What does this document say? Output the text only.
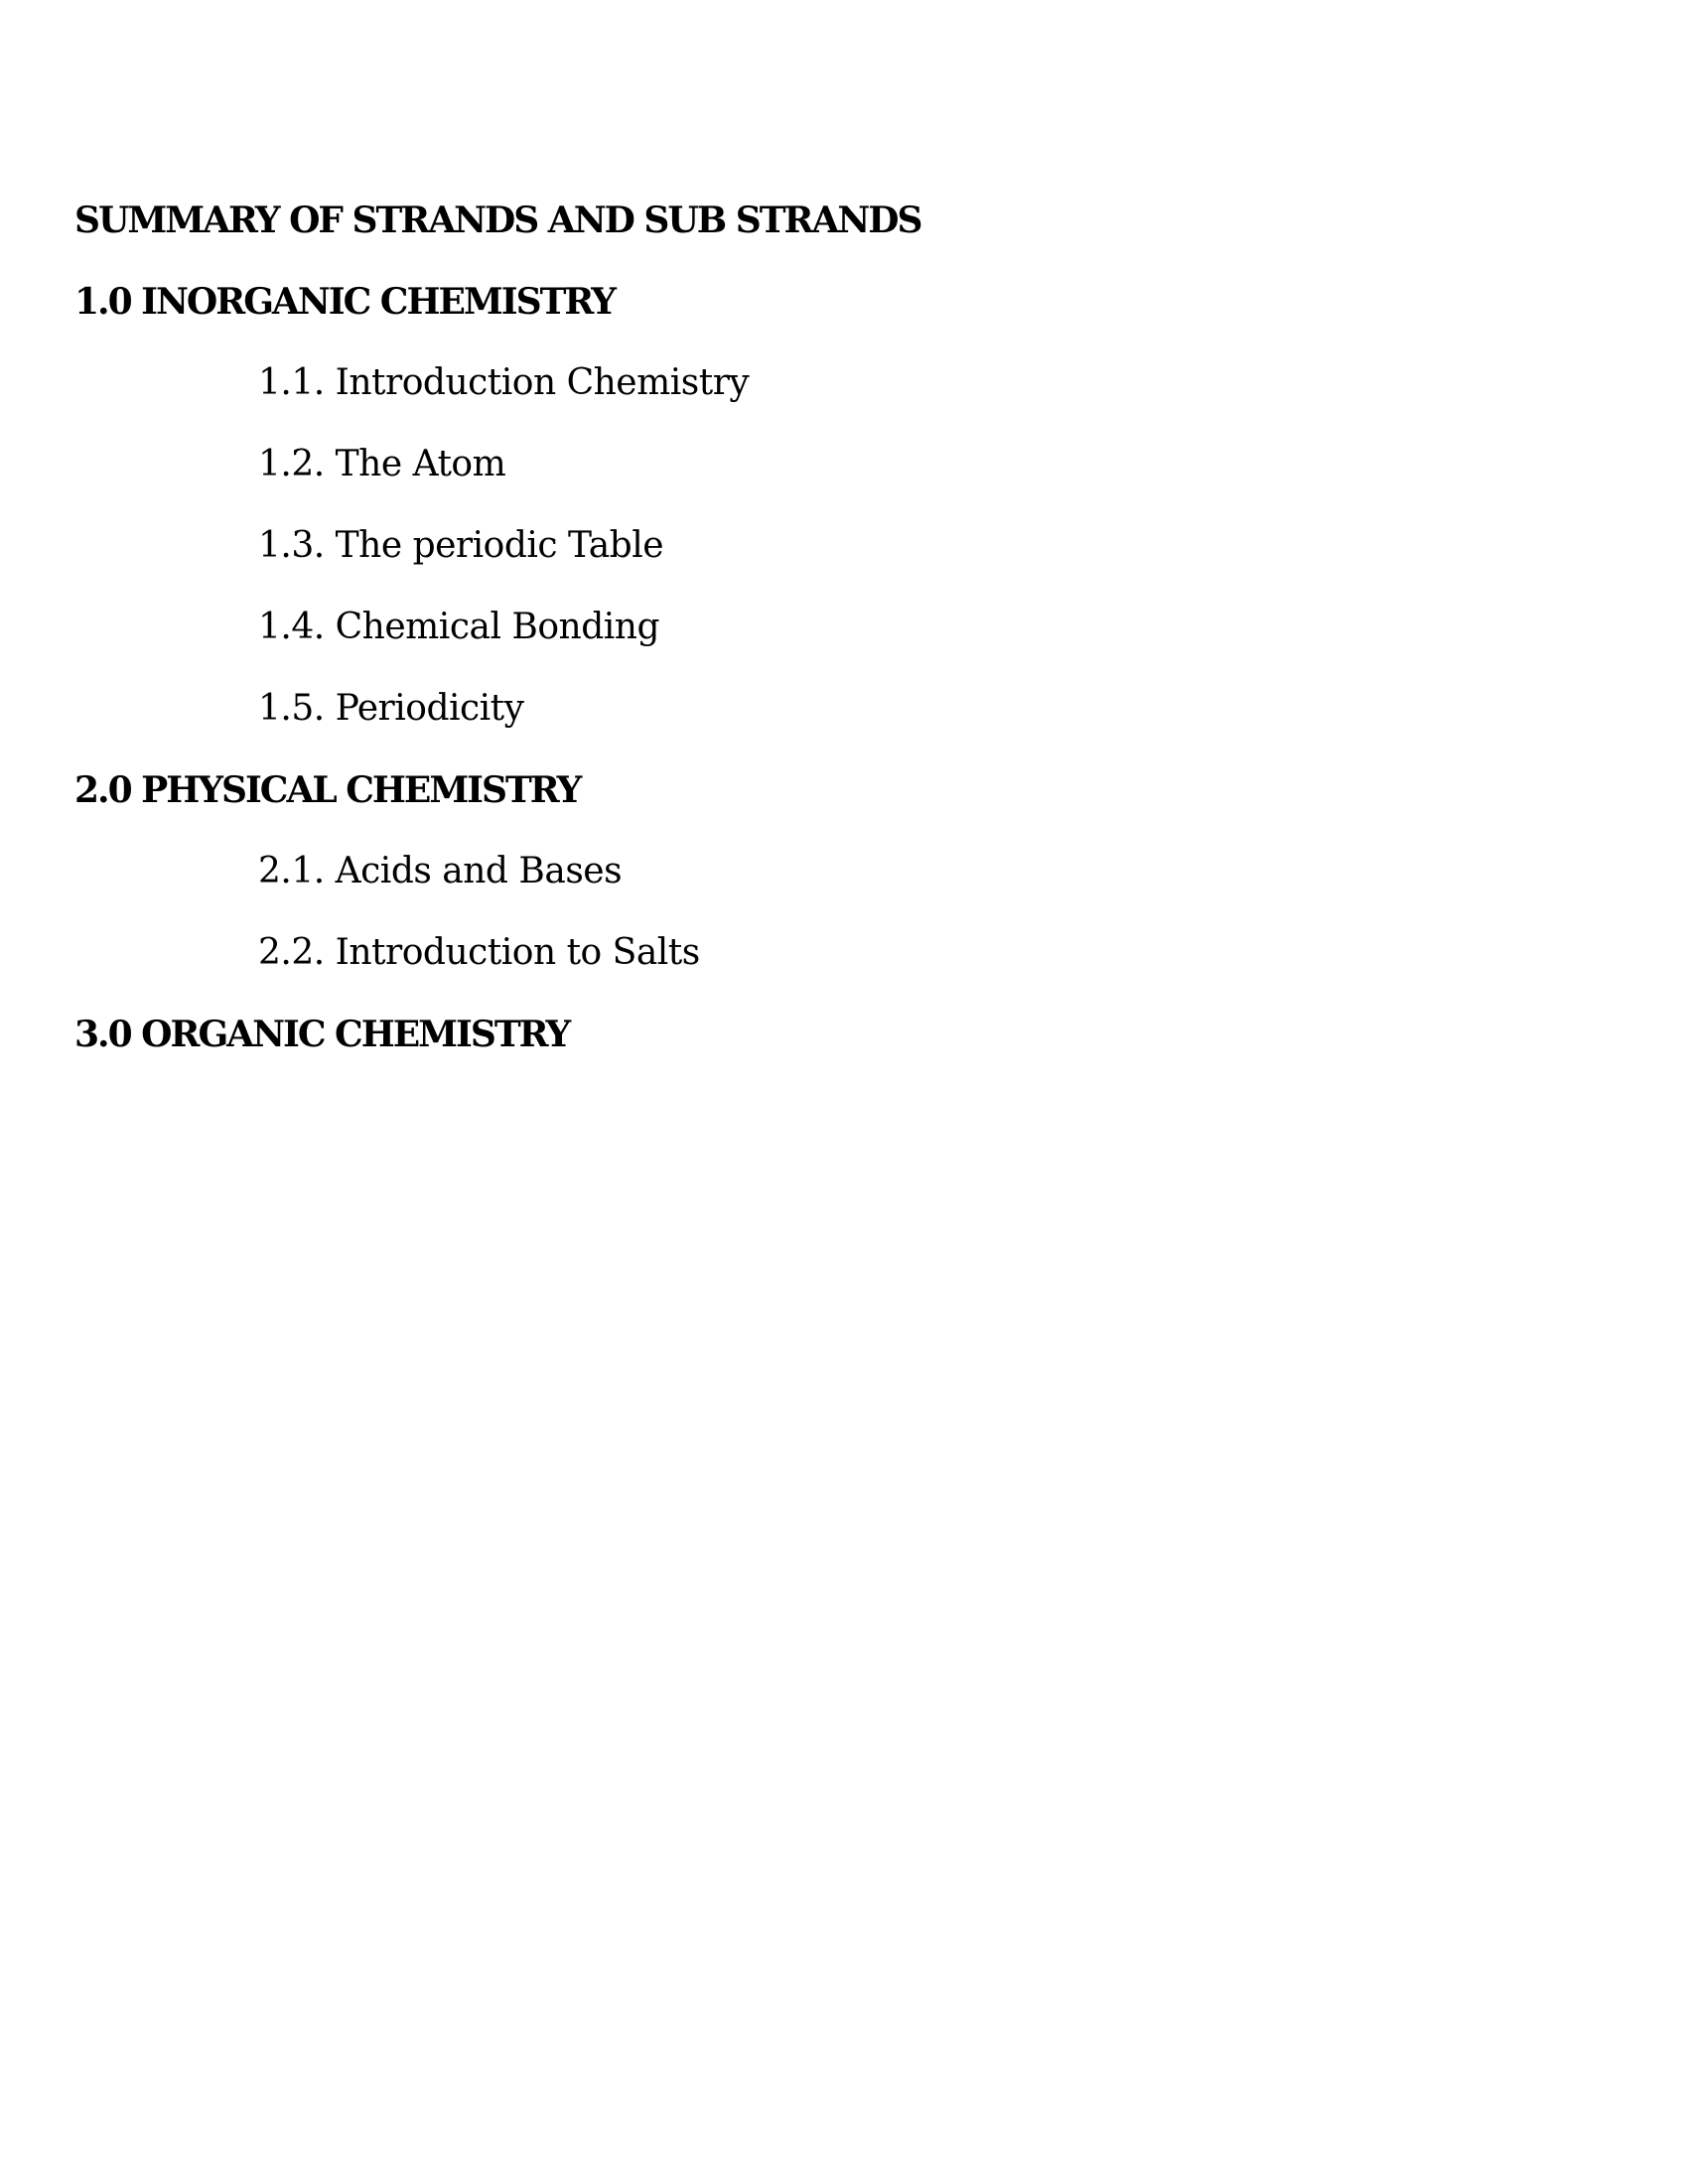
SUMMARY OF STRANDS AND SUB STRANDS

1.0 INORGANIC CHEMISTRY

1.1. Introduction Chemistry

1.2. The Atom

1.3. The periodic Table

1.4. Chemical Bonding

1.5. Periodicity

2.0 PHYSICAL CHEMISTRY

2.1. Acids and Bases

2.2. Introduction to Salts

3.0 ORGANIC CHEMISTRY
